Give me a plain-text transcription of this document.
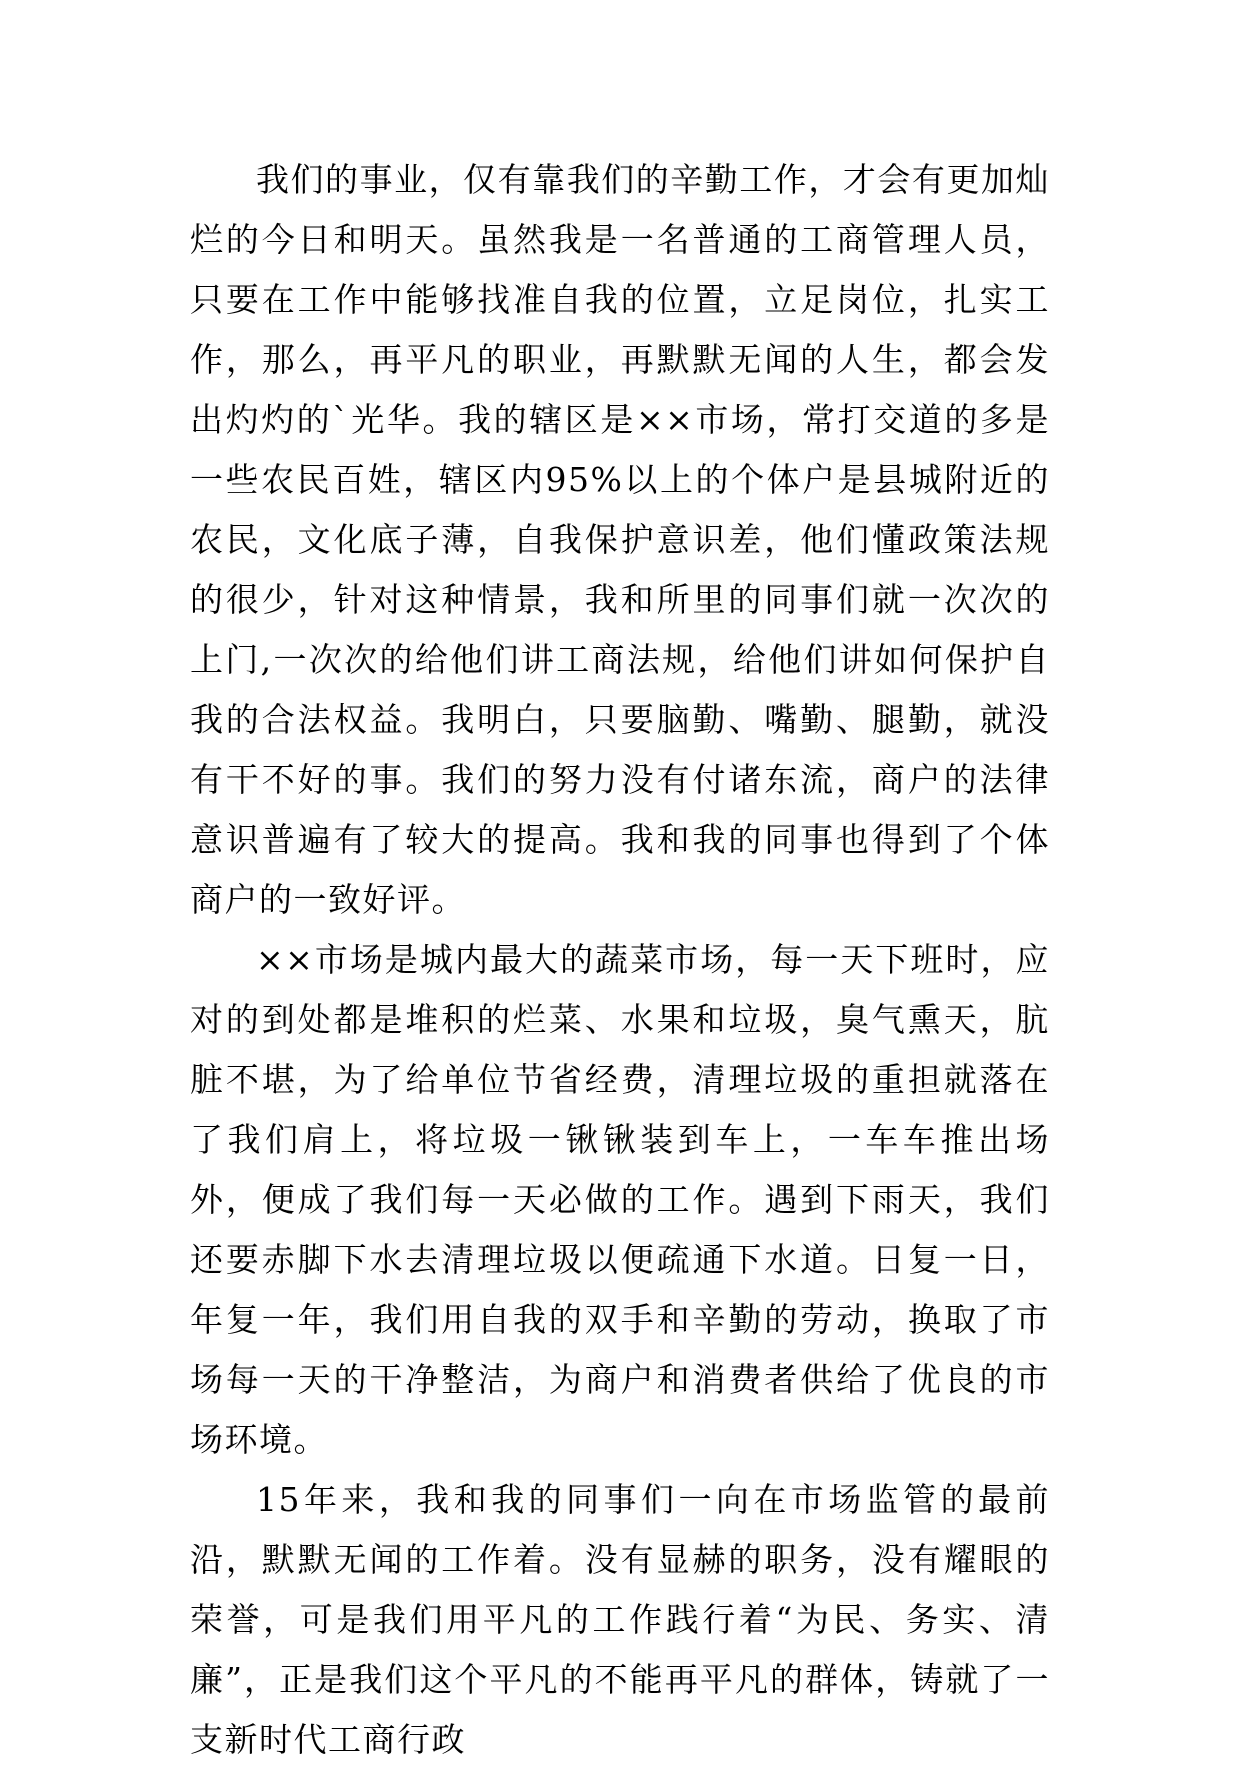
我们的事业，仅有靠我们的辛勤工作，才会有更加灿烂的今日和明天。虽然我是一名普通的工商管理人员，只要在工作中能够找准自我的位置，立足岗位，扎实工作，那么，再平凡的职业，再默默无闻的人生，都会发出灼灼的`光华。我的辖区是××市场，常打交道的多是一些农民百姓，辖区内95%以上的个体户是县城附近的农民，文化底子薄，自我保护意识差，他们懂政策法规的很少，针对这种情景，我和所里的同事们就一次次的上门,一次次的给他们讲工商法规，给他们讲如何保护自我的合法权益。我明白，只要脑勤、嘴勤、腿勤，就没有干不好的事。我们的努力没有付诸东流，商户的法律意识普遍有了较大的提高。我和我的同事也得到了个体商户的一致好评。

××市场是城内最大的蔬菜市场，每一天下班时，应对的到处都是堆积的烂菜、水果和垃圾，臭气熏天，肮脏不堪，为了给单位节省经费，清理垃圾的重担就落在了我们肩上，将垃圾一锹锹装到车上，一车车推出场外，便成了我们每一天必做的工作。遇到下雨天，我们还要赤脚下水去清理垃圾以便疏通下水道。日复一日，年复一年，我们用自我的双手和辛勤的劳动，换取了市场每一天的干净整洁，为商户和消费者供给了优良的市场环境。

15年来，我和我的同事们一向在市场监管的最前沿，默默无闻的工作着。没有显赫的职务，没有耀眼的荣誉，可是我们用平凡的工作践行着“为民、务实、清廉”，正是我们这个平凡的不能再平凡的群体，铸就了一支新时代工商行政
